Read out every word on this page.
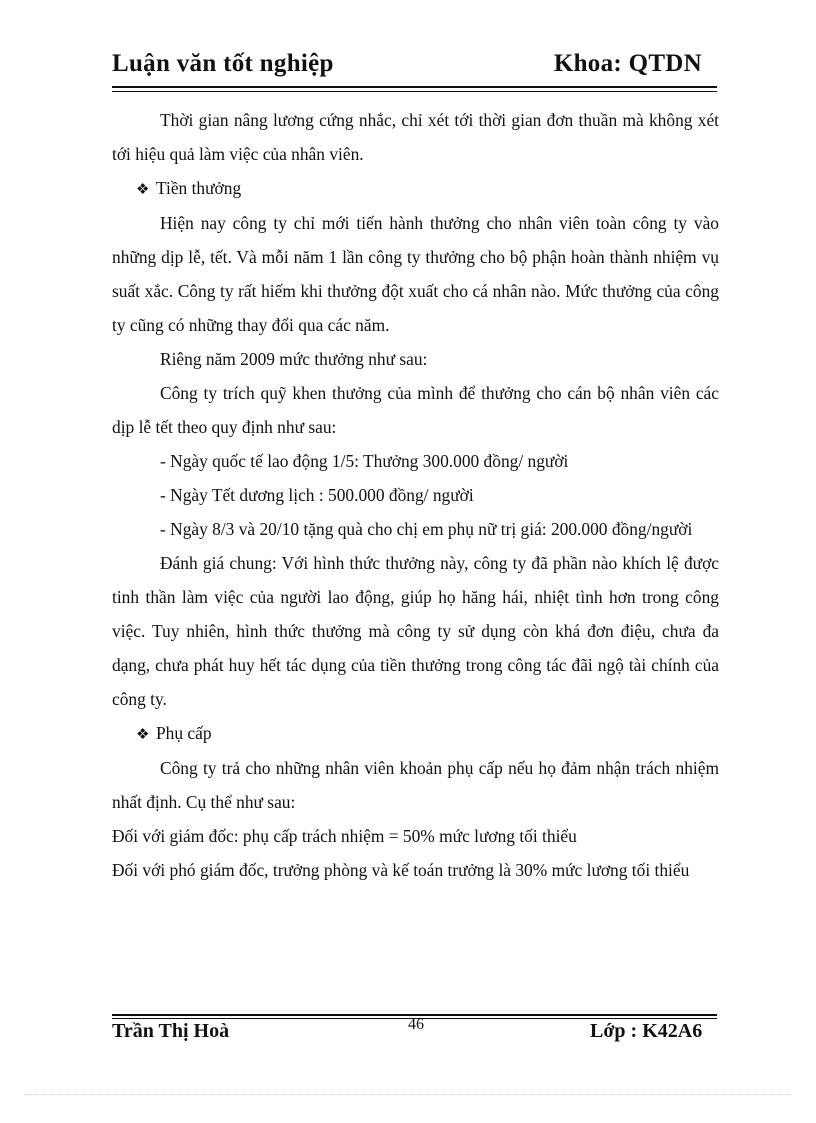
Luận văn tốt nghiệp	Khoa: QTDN

Thời gian nâng lương cứng nhắc, chỉ xét tới thời gian đơn thuần mà không xét tới hiệu quả làm việc của nhân viên.

❖ Tiền thưởng

Hiện nay công ty chỉ mới tiến hành thưởng cho nhân viên toàn công ty vào những dịp lễ, tết. Và mỗi năm 1 lần công ty thưởng cho bộ phận hoàn thành nhiệm vụ suất xắc. Công ty rất hiếm khi thưởng đột xuất cho cá nhân nào. Mức thưởng của công ty cũng có những thay đổi qua các năm.

Riêng năm 2009 mức thưởng như sau:

Công ty trích quỹ khen thưởng của mình để thưởng cho cán bộ nhân viên các dịp lễ tết theo quy định như sau:

- Ngày quốc tế lao động 1/5: Thưởng 300.000 đồng/ người

- Ngày Tết dương lịch : 500.000 đồng/ người

- Ngày 8/3 và 20/10 tặng quà cho chị em phụ nữ trị giá: 200.000 đồng/người

Đánh giá chung: Với hình thức thưởng này, công ty đã phần nào khích lệ được tinh thần làm việc của người lao động, giúp họ hăng hái, nhiệt tình hơn trong công việc. Tuy nhiên, hình thức thưởng mà công ty sử dụng còn khá đơn điệu, chưa đa dạng, chưa phát huy hết tác dụng của tiền thưởng trong công tác đãi ngộ tài chính của công ty.

❖ Phụ cấp

Công ty trả cho những nhân viên khoản phụ cấp nếu họ đảm nhận trách nhiệm nhất định. Cụ thể như sau:

Đối với giám đốc: phụ cấp trách nhiệm = 50% mức lương tối thiểu

Đối với phó giám đốc, trưởng phòng và kế toán trưởng là 30% mức lương tối thiểu

Trần Thị Hoà	46	Lớp : K42A6
